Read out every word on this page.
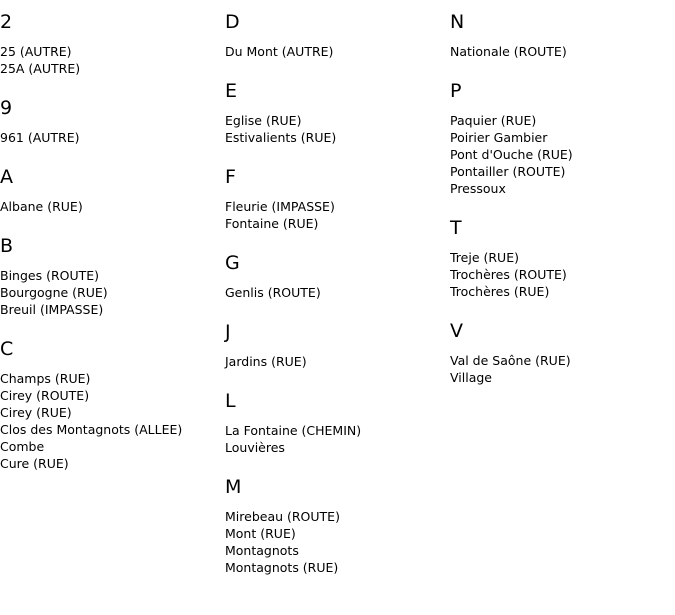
2
25 (AUTRE)
25A (AUTRE)
9
961 (AUTRE)
A
Albane (RUE)
B
Binges (ROUTE)
Bourgogne (RUE)
Breuil (IMPASSE)
C
Champs (RUE)
Cirey (ROUTE)
Cirey (RUE)
Clos des Montagnots (ALLEE)
Combe
Cure (RUE)
D
Du Mont (AUTRE)
E
Eglise (RUE)
Estivalients (RUE)
F
Fleurie (IMPASSE)
Fontaine (RUE)
G
Genlis (ROUTE)
J
Jardins (RUE)
L
La Fontaine (CHEMIN)
Louvières
M
Mirebeau (ROUTE)
Mont (RUE)
Montagnots
Montagnots (RUE)
N
Nationale (ROUTE)
P
Paquier (RUE)
Poirier Gambier
Pont d'Ouche (RUE)
Pontailler (ROUTE)
Pressoux
T
Treje (RUE)
Trochères (ROUTE)
Trochères (RUE)
V
Val de Saône (RUE)
Village
